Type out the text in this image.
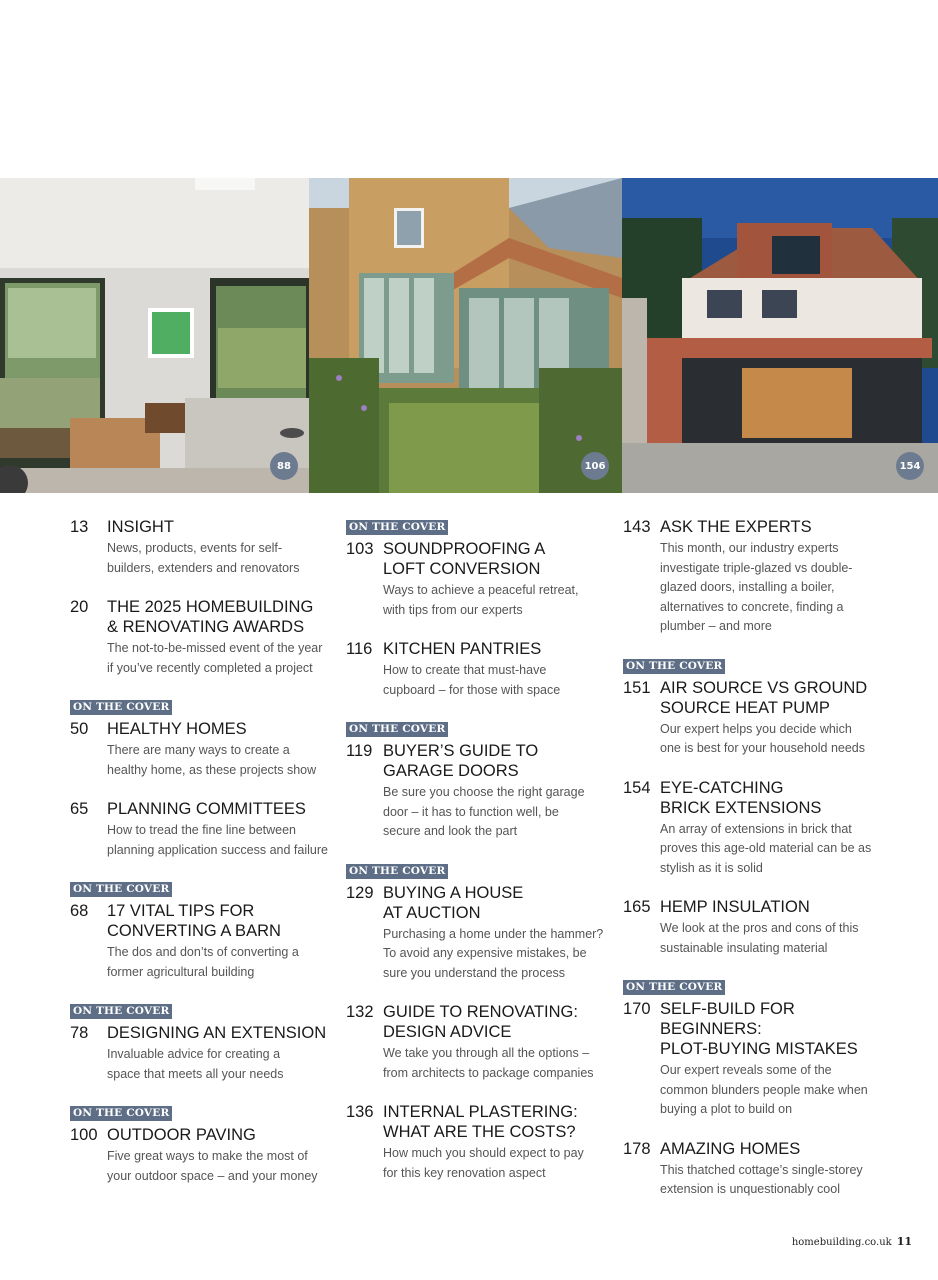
88	106	154
13	INSIGHT
News, products, events for self-
builders, extenders and renovators
20	THE 2025 HOMEBUILDING
& RENOVATING AWARDS
The not-to-be-missed event of the year
if you’ve recently completed a project
ON THE COVER

50	HEALTHY HOMES
There are many ways to create a
healthy home, as these projects show
65	PLANNING COMMITTEES
How to tread the fine line between
planning application success and failure
ON THE COVER

68	17 VITAL TIPS FOR
CONVERTING A BARN
The dos and don’ts of converting a
former agricultural building
ON THE COVER

78	DESIGNING AN EXTENSION
Invaluable advice for creating a
space that meets all your needs
ON THE COVER

100 OUTDOOR PAVING
Five great ways to make the most of
your outdoor space – and your money
ON THE COVER

103 SOUNDPROOFING A
LOFT CONVERSION
Ways to achieve a peaceful retreat,
with tips from our experts
116 KITCHEN PANTRIES
How to create that must-have
cupboard – for those with space
ON THE COVER

119 BUYER’S GUIDE TO
GARAGE DOORS
Be sure you choose the right garage
door – it has to function well, be
secure and look the part
ON THE COVER

129 BUYING A HOUSE
AT AUCTION
Purchasing a home under the hammer?
To avoid any expensive mistakes, be
sure you understand the process
132 GUIDE TO RENOVATING:
DESIGN ADVICE
We take you through all the options –
from architects to package companies
136 INTERNAL PLASTERING:
WHAT ARE THE COSTS?
How much you should expect to pay
for this key renovation aspect
143 ASK THE EXPERTS
This month, our industry experts
investigate triple-glazed vs double-
glazed doors, installing a boiler,
alternatives to concrete, finding a
plumber – and more
ON THE COVER

151 AIR SOURCE VS GROUND
SOURCE HEAT PUMP
Our expert helps you decide which
one is best for your household needs
154 EYE-CATCHING
BRICK EXTENSIONS
An array of extensions in brick that
proves this age-old material can be as
stylish as it is solid
165 HEMP INSULATION
We look at the pros and cons of this
sustainable insulating material
ON THE COVER

170 SELF-BUILD FOR BEGINNERS:
PLOT-BUYING MISTAKES
Our expert reveals some of the
common blunders people make when
buying a plot to build on
178 AMAZING HOMES
This thatched cottage’s single-storey
extension is unquestionably cool
homebuilding.co.uk 11
